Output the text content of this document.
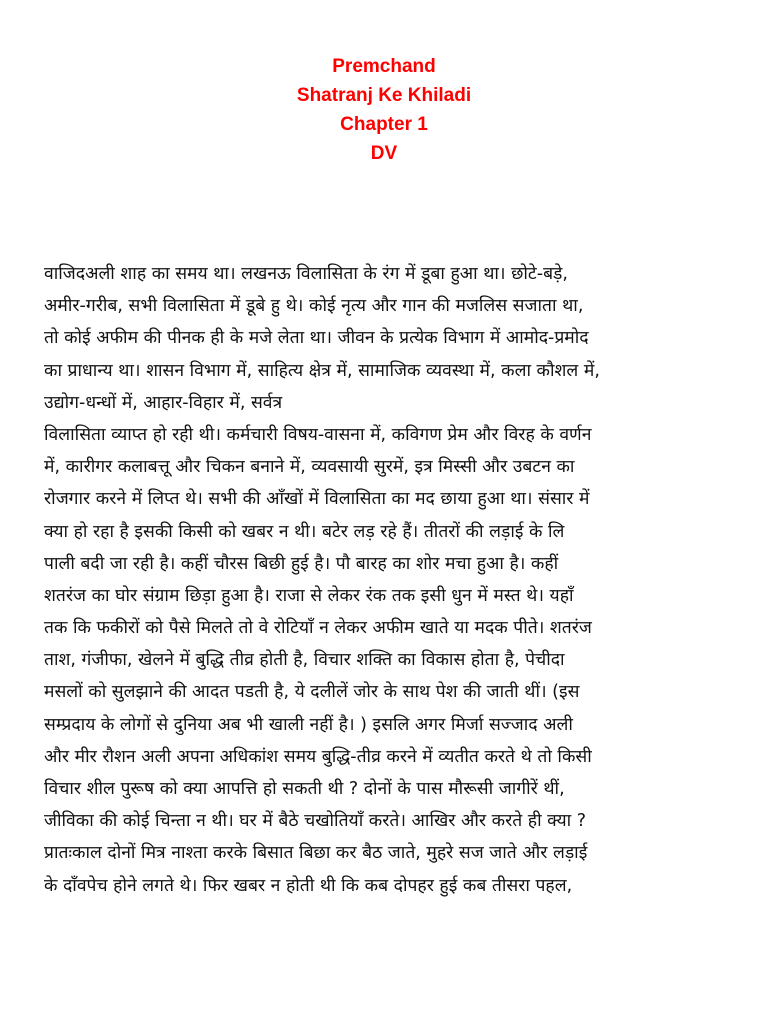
Premchand
Shatranj Ke Khiladi
Chapter 1
DV
वाजिदअली शाह का समय था। लखनऊ विलासिता के रंग में डूबा हुआ था। छोटे-बड़े,
अमीर-गरीब, सभी विलासिता में डूबे हु थे। कोई नृत्य और गान की मजलिस सजाता था,
तो कोई अफीम की पीनक ही के मजे लेता था। जीवन के प्रत्येक विभाग में आमोद-प्रमोद
का प्राधान्य था। शासन विभाग में, साहित्य क्षेत्र में, सामाजिक व्यवस्था में, कला कौशल में,
उद्योग-धन्धों में, आहार-विहार में, सर्वत्र
विलासिता व्याप्त हो रही थी। कर्मचारी विषय-वासना में, कविगण प्रेम और विरह के वर्णन
में, कारीगर कलाबत्तू और चिकन बनाने में, व्यवसायी सुरमें, इत्र मिस्सी और उबटन का
रोजगार करने में लिप्त थे। सभी की आँखों में विलासिता का मद छाया हुआ था। संसार में
क्या हो रहा है इसकी किसी को खबर न थी। बटेर लड़ रहे हैं। तीतरों की लड़ाई के लि
पाली बदी जा रही है। कहीं चौरस बिछी हुई है। पौ बारह का शोर मचा हुआ है। कहीं
शतरंज का घोर संग्राम छिड़ा हुआ है। राजा से लेकर रंक तक इसी धुन में मस्त थे। यहाँ
तक कि फकीरों को पैसे मिलते तो वे रोटियाँ न लेकर अफीम खाते या मदक पीते। शतरंज
ताश, गंजीफा, खेलने में बुद्धि तीव्र होती है, विचार शक्ति का विकास होता है, पेचीदा
मसलों को सुलझाने की आदत पडती है, ये दलीलें जोर के साथ पेश की जाती थीं। (इस
सम्प्रदाय के लोगों से दुनिया अब भी खाली नहीं है। ) इसलि अगर मिर्जा सज्जाद अली
और मीर रौशन अली अपना अधिकांश समय बुद्धि-तीव्र करने में व्यतीत करते थे तो किसी
विचार शील पुरूष को क्या आपत्ति हो सकती थी ? दोनों के पास मौरूसी जागीरें थीं,
जीविका की कोई चिन्ता न थी। घर में बैठे चखोतियाँ करते। आखिर और करते ही क्या ?
प्रातःकाल दोनों मित्र नाश्ता करके बिसात बिछा कर बैठ जाते, मुहरे सज जाते और लड़ाई
के दाँवपेच होने लगते थे। फिर खबर न होती थी कि कब दोपहर हुई कब तीसरा पहल,
